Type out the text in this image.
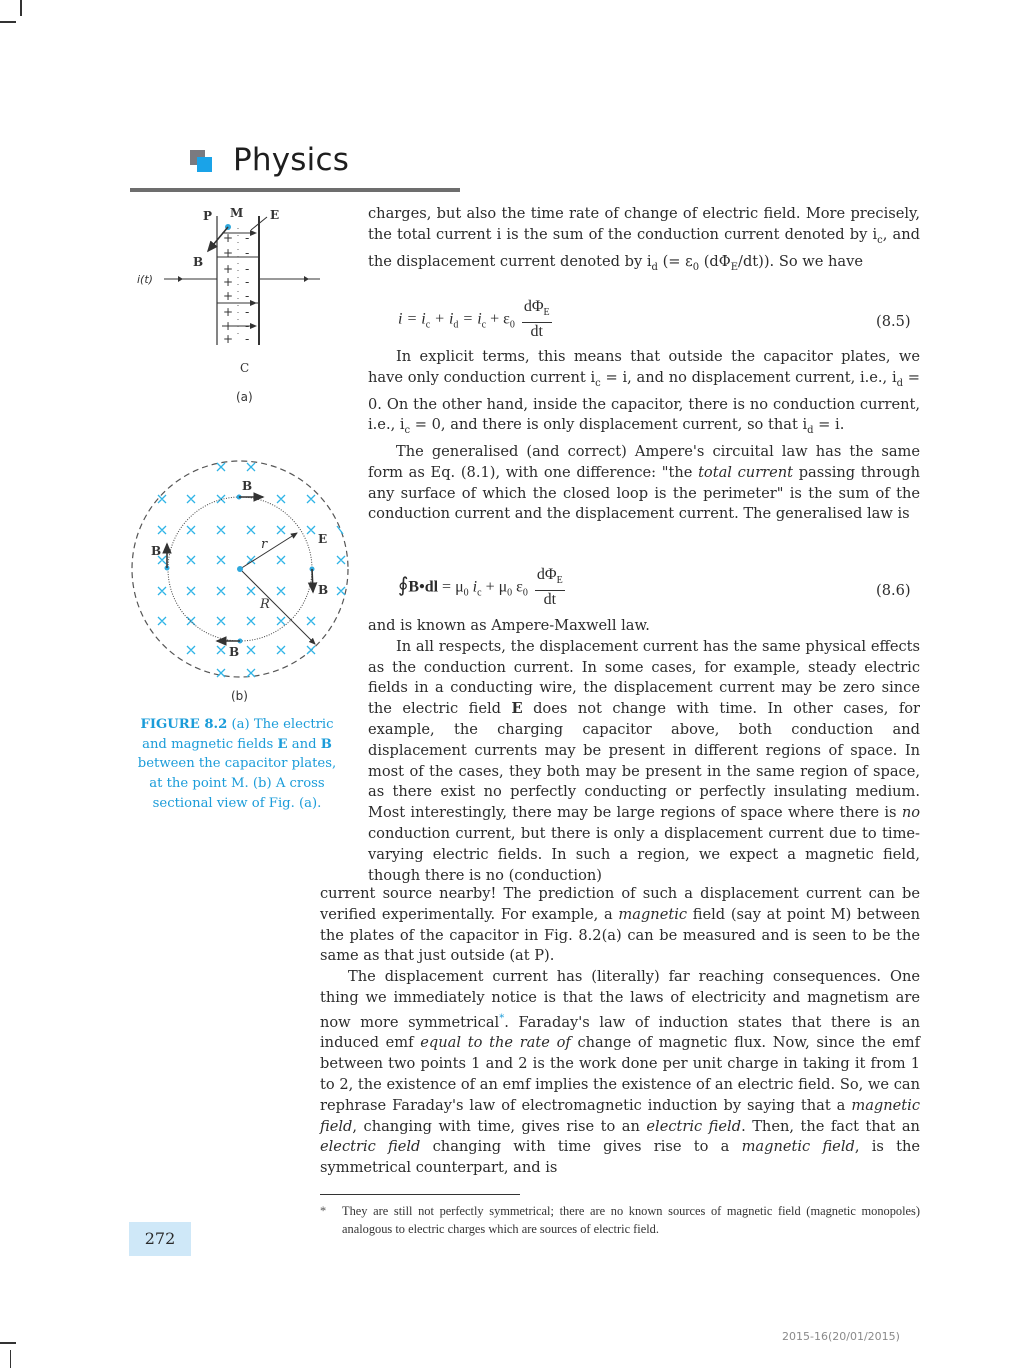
Physics
+
+
+
+
+
+
+
+
-
-
-
-
-
-
-
-
P M E
B
i(t)
C
(a)
B
B
B
B
E
r
R
(b)
FIGURE 8.2 (a) The electric and magnetic fields E and B between the capacitor plates, at the point M. (b) A cross sectional view of Fig. (a).

charges, but also the time rate of change of electric field. More precisely, the total current i is the sum of the conduction current denoted by $i_c$, and the displacement current denoted by $i_d$ (= $\varepsilon_0$ $(d\Phi_E/dt)$). So we have

$i = i_c + i_d = i_c + \varepsilon_0 \frac{d\Phi_E}{dt}$	(8.5)

In explicit terms, this means that outside the capacitor plates, we have only conduction current $i_c = i$, and no displacement current, i.e., $i_d = 0$. On the other hand, inside the capacitor, there is no conduction current, i.e., $i_c = 0$, and there is only displacement current, so that $i_d = i$.

The generalised (and correct) Ampere's circuital law has the same form as Eq. (8.1), with one difference: "the total current passing through any surface of which the closed loop is the perimeter" is the sum of the conduction current and the displacement current. The generalised law is

∮B•dl = $\mu_0$ $i_c + \mu_0$ $\varepsilon_0 \frac{d\Phi_E}{dt}$	(8.6)

and is known as Ampere-Maxwell law.

In all respects, the displacement current has the same physical effects as the conduction current. In some cases, for example, steady electric fields in a conducting wire, the displacement current may be zero since the electric field E does not change with time. In other cases, for example, the charging capacitor above, both conduction and displacement currents may be present in different regions of space. In most of the cases, they both may be present in the same region of space, as there exist no perfectly conducting or perfectly insulating medium. Most interestingly, there may be large regions of space where there is no conduction current, but there is only a displacement current due to time-varying electric fields. In such a region, we expect a magnetic field, though there is no (conduction)

current source nearby! The prediction of such a displacement current can be verified experimentally. For example, a magnetic field (say at point M) between the plates of the capacitor in Fig. 8.2(a) can be measured and is seen to be the same as that just outside (at P).

The displacement current has (literally) far reaching consequences. One thing we immediately notice is that the laws of electricity and magnetism are now more symmetrical*. Faraday's law of induction states that there is an induced emf equal to the rate of change of magnetic flux. Now, since the emf between two points 1 and 2 is the work done per unit charge in taking it from 1 to 2, the existence of an emf implies the existence of an electric field. So, we can rephrase Faraday's law of electromagnetic induction by saying that a magnetic field, changing with time, gives rise to an electric field. Then, the fact that an electric field changing with time gives rise to a magnetic field, is the symmetrical counterpart, and is

* They are still not perfectly symmetrical; there are no known sources of magnetic field (magnetic monopoles) analogous to electric charges which are sources of electric field.
272
2015-16(20/01/2015)
